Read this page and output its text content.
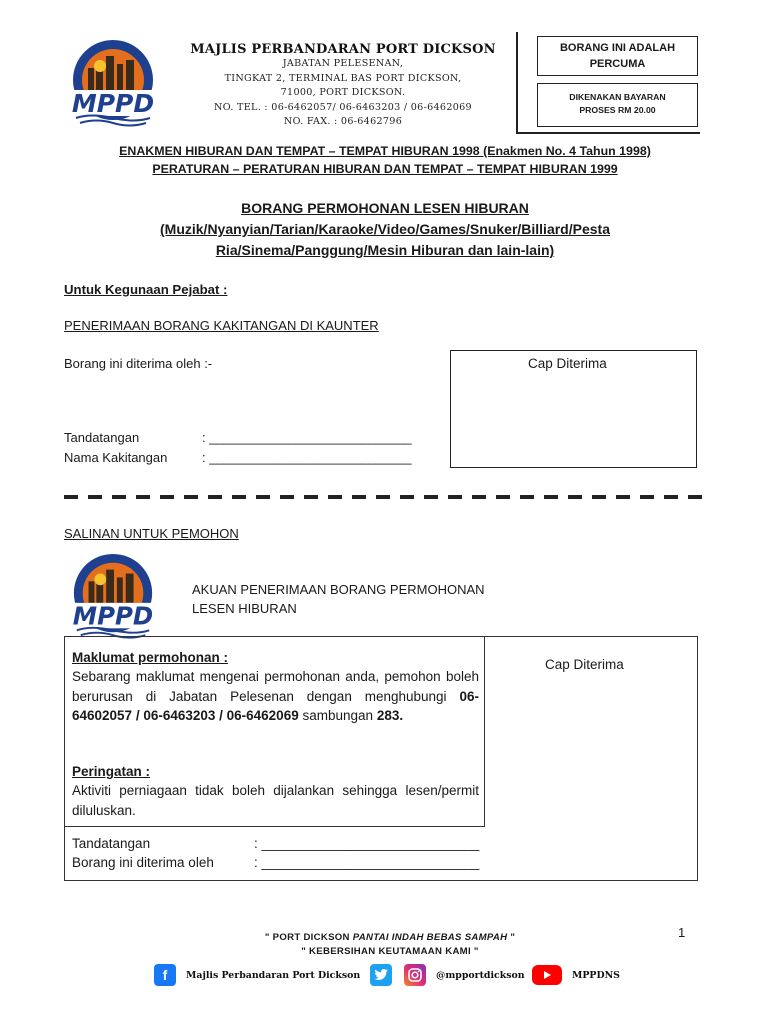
MPPD
MAJLIS PERBANDARAN PORT DICKSON
JABATAN PELESENAN,
TINGKAT 2, TERMINAL BAS PORT DICKSON,
71000, PORT DICKSON.
NO. TEL. : 06-6462057/ 06-6463203 / 06-6462069
NO. FAX. : 06-6462796
BORANG INI ADALAH
PERCUMA
DIKENAKAN BAYARAN
PROSES RM 20.00
ENAKMEN HIBURAN DAN TEMPAT – TEMPAT HIBURAN 1998 (Enakmen No. 4 Tahun 1998)
PERATURAN – PERATURAN HIBURAN DAN TEMPAT – TEMPAT HIBURAN 1999
BORANG PERMOHONAN LESEN HIBURAN
(Muzik/Nyanyian/Tarian/Karaoke/Video/Games/Snuker/Billiard/Pesta
Ria/Sinema/Panggung/Mesin Hiburan dan lain-lain)
Untuk Kegunaan Pejabat :
PENERIMAAN BORANG KAKITANGAN DI KAUNTER
Borang ini diterima oleh :-	Cap Diterima
Tandatangan	: ____________________________
Nama Kakitangan	: ____________________________
SALINAN UNTUK PEMOHON
MPPD
AKUAN PENERIMAAN BORANG PERMOHONAN
LESEN HIBURAN
Maklumat permohonan :
Sebarang maklumat mengenai permohonan anda, pemohon boleh berurusan di Jabatan Pelesenan dengan menghubungi 06-64602057 / 06-6463203 / 06-6462069 sambungan 283.
Peringatan :
Aktiviti perniagaan tidak boleh dijalankan sehingga lesen/permit diluluskan.
Cap Diterima
Tandatangan	: _____________________________
Borang ini diterima oleh	: _____________________________
1
" PORT DICKSON PANTAI INDAH BEBAS SAMPAH "
" KEBERSIHAN KEUTAMAAN KAMI "
f	Majlis Perbandaran Port Dickson	@mpportdickson	MPPDNS
